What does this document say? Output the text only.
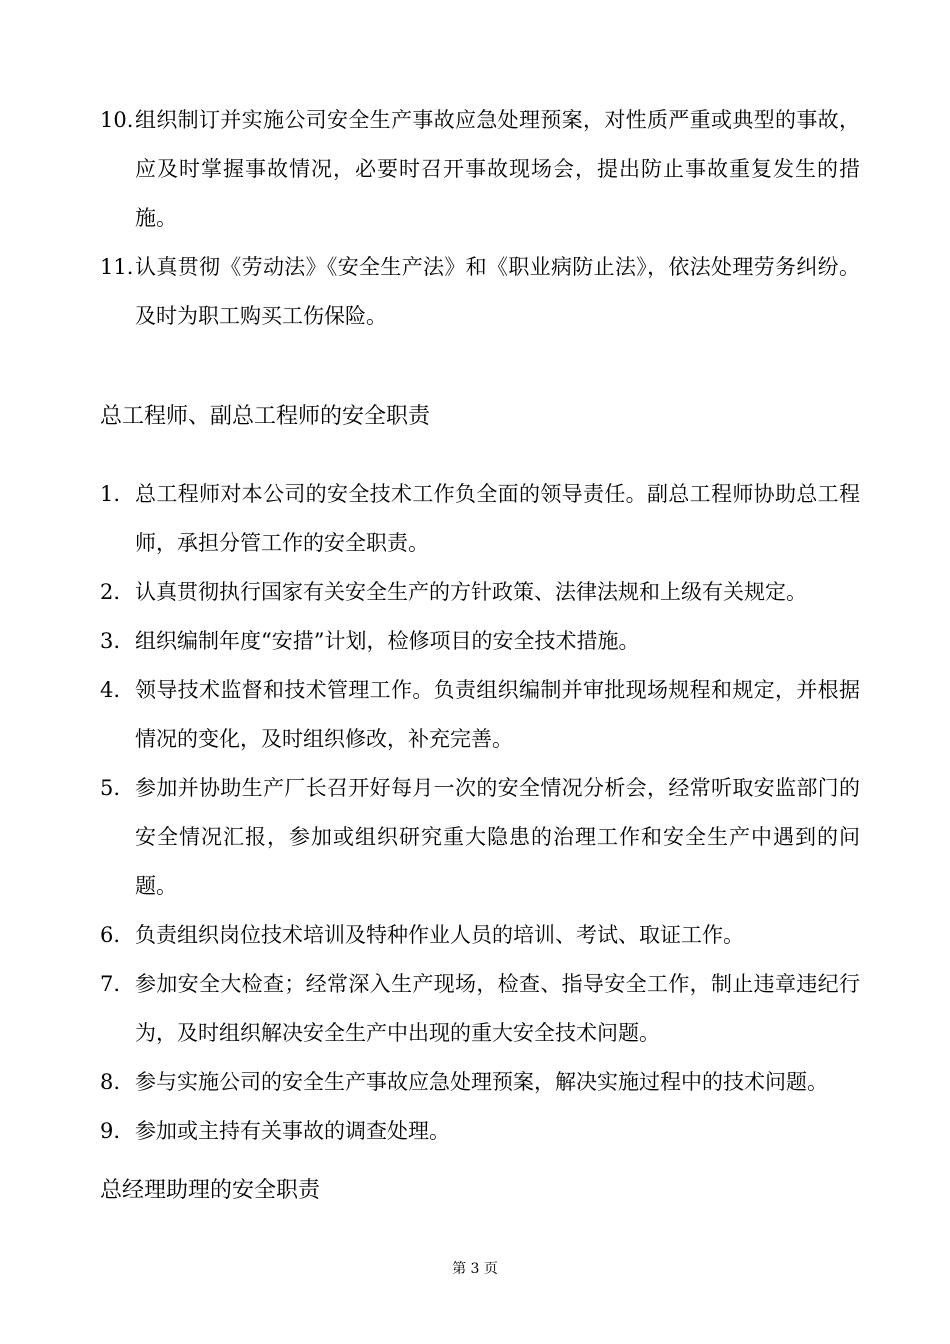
10. 组织制订并实施公司安全生产事故应急处理预案，对性质严重或典型的事故，应及时掌握事故情况，必要时召开事故现场会，提出防止事故重复发生的措施。
11. 认真贯彻《劳动法》《安全生产法》和《职业病防止法》，依法处理劳务纠纷。及时为职工购买工伤保险。
总工程师、副总工程师的安全职责
1. 总工程师对本公司的安全技术工作负全面的领导责任。副总工程师协助总工程师，承担分管工作的安全职责。
2. 认真贯彻执行国家有关安全生产的方针政策、法律法规和上级有关规定。
3. 组织编制年度“安措”计划，检修项目的安全技术措施。
4. 领导技术监督和技术管理工作。负责组织编制并审批现场规程和规定，并根据情况的变化，及时组织修改，补充完善。
5. 参加并协助生产厂长召开好每月一次的安全情况分析会，经常听取安监部门的安全情况汇报，参加或组织研究重大隐患的治理工作和安全生产中遇到的问题。
6. 负责组织岗位技术培训及特种作业人员的培训、考试、取证工作。
7. 参加安全大检查；经常深入生产现场，检查、指导安全工作，制止违章违纪行为，及时组织解决安全生产中出现的重大安全技术问题。
8. 参与实施公司的安全生产事故应急处理预案，解决实施过程中的技术问题。
9. 参加或主持有关事故的调查处理。
总经理助理的安全职责
第 3 页
